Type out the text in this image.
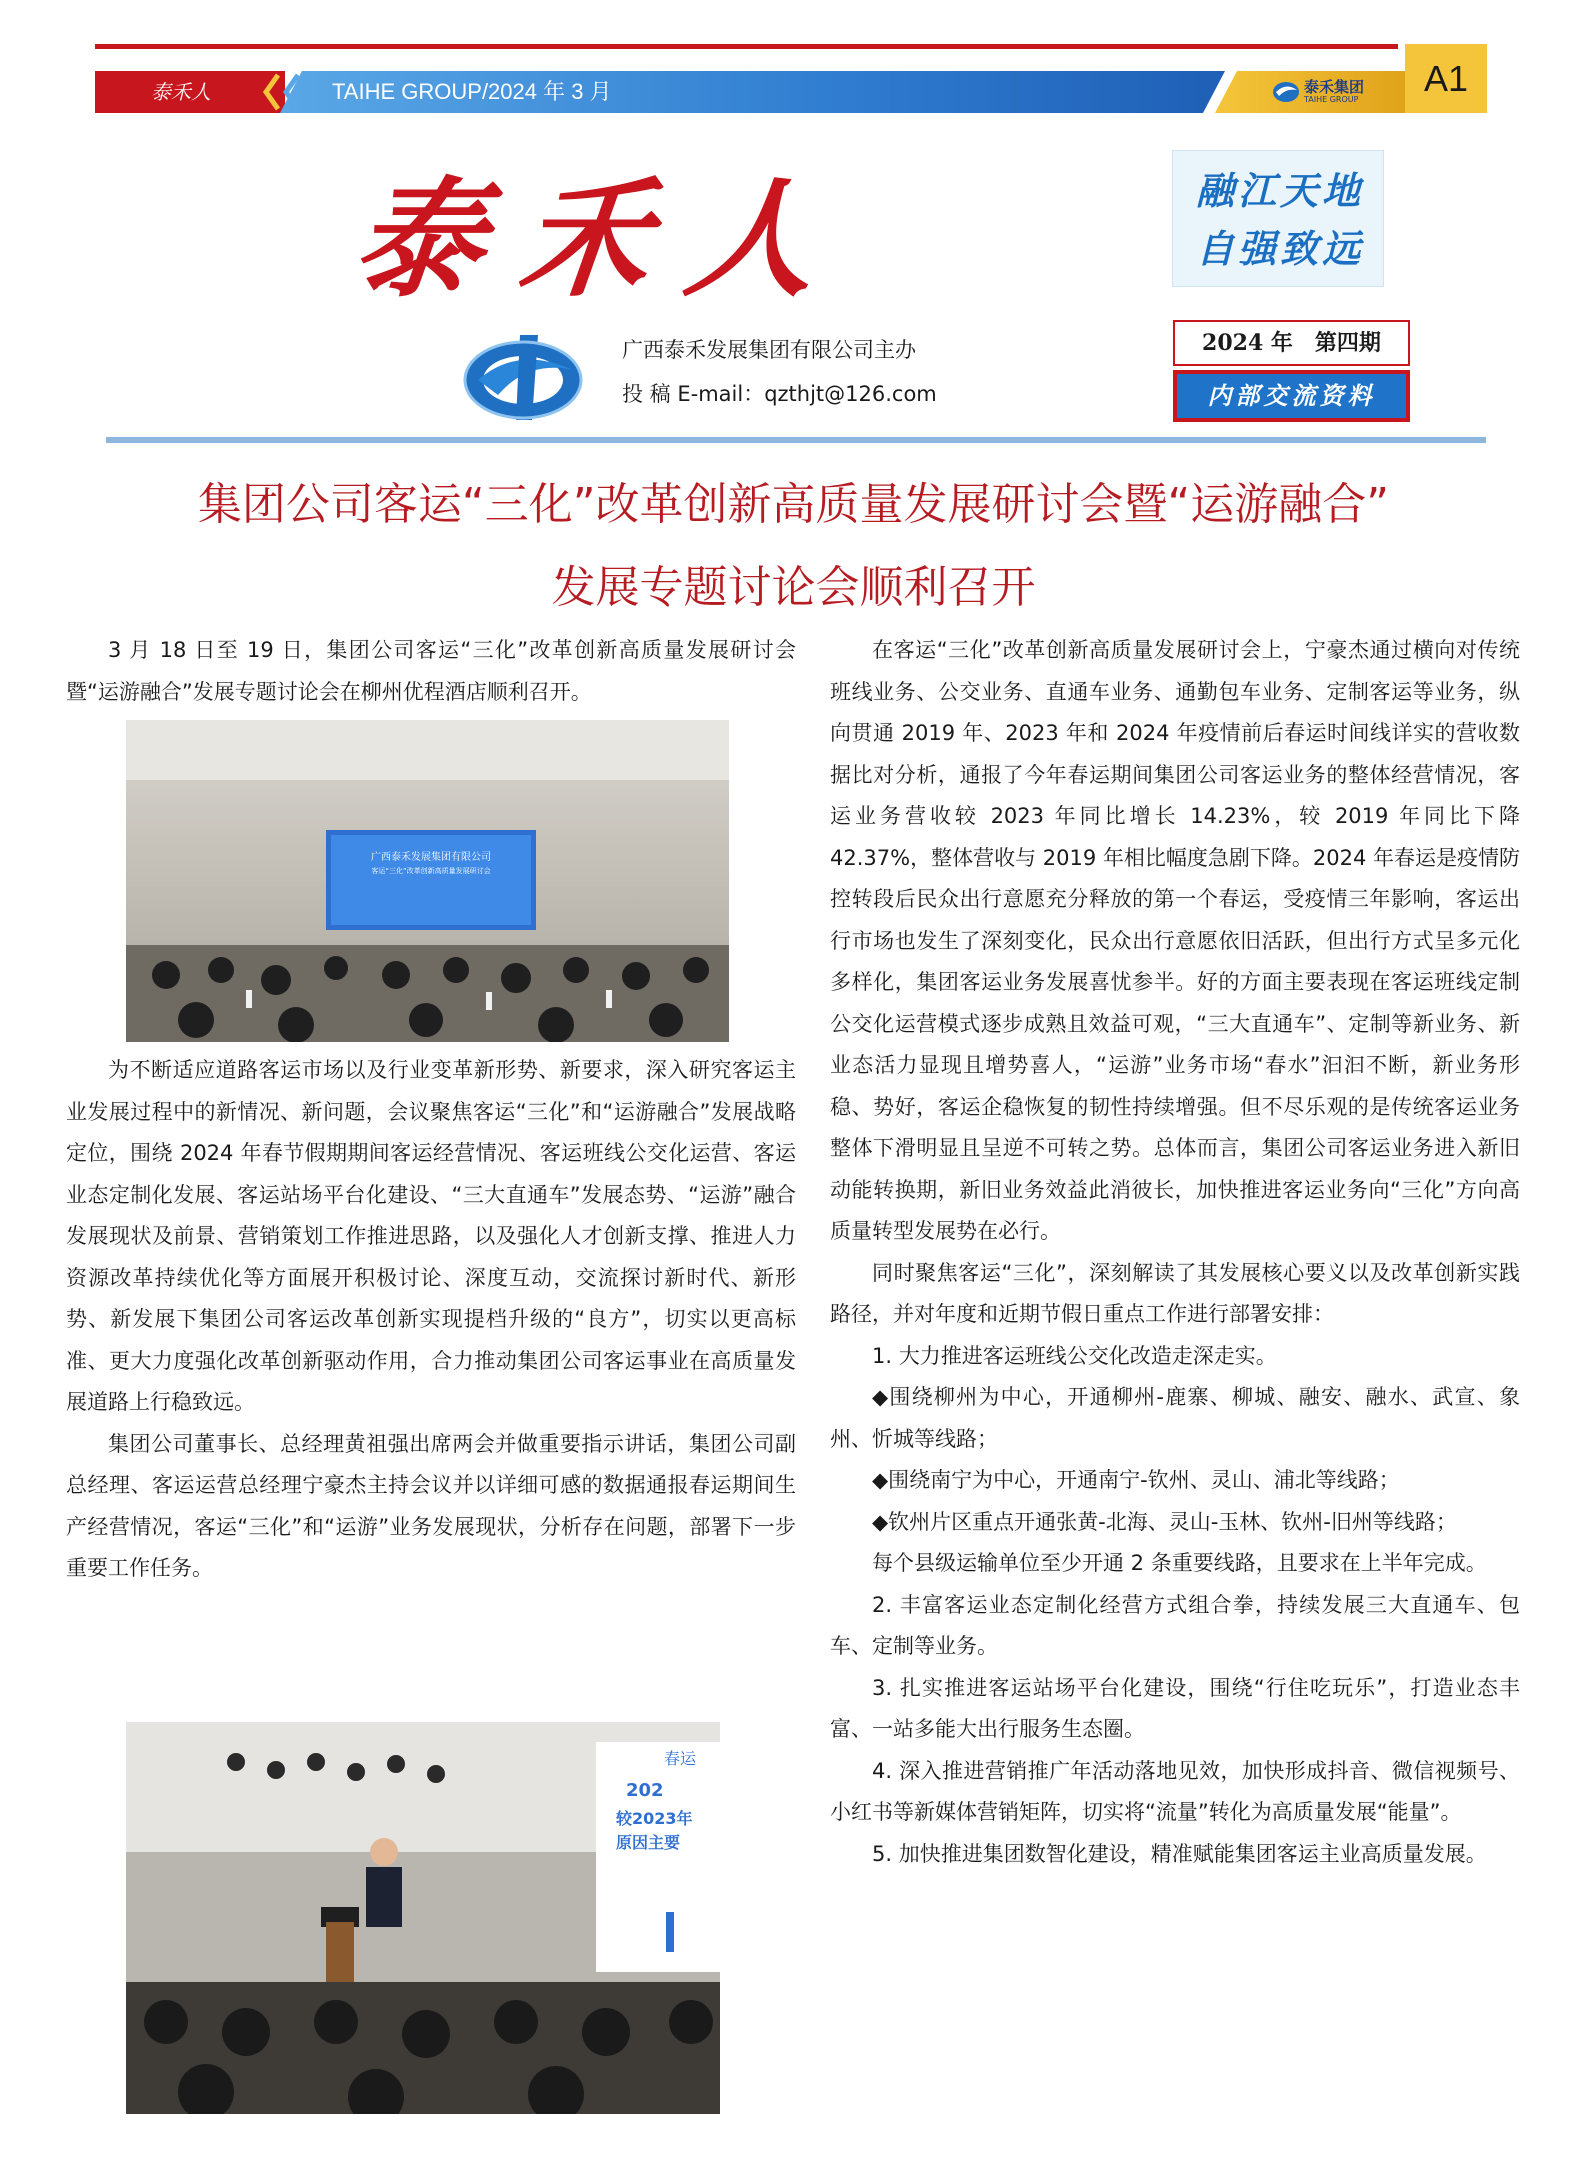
泰禾人	TAIHE GROUP/2024 年 3 月	泰禾集团
TAIHE GROUP
A1
泰禾人	融江天地
自强致远
广西泰禾发展集团有限公司主办
投 稿 E-mail：qzthjt@126.com
2024 年　第四期
内部交流资料
集团公司客运“三化”改革创新高质量发展研讨会暨“运游融合”
发展专题讨论会顺利召开

3 月 18 日至 19 日，集团公司客运“三化”改革创新高质量发展研讨会暨“运游融合”发展专题讨论会在柳州优程酒店顺利召开。

广西泰禾发展集团有限公司
客运“三化”改革创新高质量发展研讨会

为不断适应道路客运市场以及行业变革新形势、新要求，深入研究客运主业发展过程中的新情况、新问题，会议聚焦客运“三化”和“运游融合”发展战略定位，围绕 2024 年春节假期期间客运经营情况、客运班线公交化运营、客运业态定制化发展、客运站场平台化建设、“三大直通车”发展态势、“运游”融合发展现状及前景、营销策划工作推进思路，以及强化人才创新支撑、推进人力资源改革持续优化等方面展开积极讨论、深度互动，交流探讨新时代、新形势、新发展下集团公司客运改革创新实现提档升级的“良方”，切实以更高标准、更大力度强化改革创新驱动作用，合力推动集团公司客运事业在高质量发展道路上行稳致远。

集团公司董事长、总经理黄祖强出席两会并做重要指示讲话，集团公司副总经理、客运运营总经理宁豪杰主持会议并以详细可感的数据通报春运期间生产经营情况，客运“三化”和“运游”业务发展现状，分析存在问题，部署下一步重要工作任务。

春运
202
较2023年
原因主要

在客运“三化”改革创新高质量发展研讨会上，宁豪杰通过横向对传统班线业务、公交业务、直通车业务、通勤包车业务、定制客运等业务，纵向贯通 2019 年、2023 年和 2024 年疫情前后春运时间线详实的营收数据比对分析，通报了今年春运期间集团公司客运业务的整体经营情况，客运业务营收较 2023 年同比增长 14.23%，较 2019 年同比下降 42.37%，整体营收与 2019 年相比幅度急剧下降。2024 年春运是疫情防控转段后民众出行意愿充分释放的第一个春运，受疫情三年影响，客运出行市场也发生了深刻变化，民众出行意愿依旧活跃，但出行方式呈多元化多样化，集团客运业务发展喜忧参半。好的方面主要表现在客运班线定制公交化运营模式逐步成熟且效益可观，“三大直通车”、定制等新业务、新业态活力显现且增势喜人，“运游”业务市场“春水”汩汩不断，新业务形稳、势好，客运企稳恢复的韧性持续增强。但不尽乐观的是传统客运业务整体下滑明显且呈逆不可转之势。总体而言，集团公司客运业务进入新旧动能转换期，新旧业务效益此消彼长，加快推进客运业务向“三化”方向高质量转型发展势在必行。

同时聚焦客运“三化”，深刻解读了其发展核心要义以及改革创新实践路径，并对年度和近期节假日重点工作进行部署安排：

1. 大力推进客运班线公交化改造走深走实。

◆围绕柳州为中心，开通柳州-鹿寨、柳城、融安、融水、武宣、象州、忻城等线路；

◆围绕南宁为中心，开通南宁-钦州、灵山、浦北等线路；

◆钦州片区重点开通张黄-北海、灵山-玉林、钦州-旧州等线路；

每个县级运输单位至少开通 2 条重要线路，且要求在上半年完成。

2. 丰富客运业态定制化经营方式组合拳，持续发展三大直通车、包车、定制等业务。

3. 扎实推进客运站场平台化建设，围绕“行住吃玩乐”，打造业态丰富、一站多能大出行服务生态圈。

4. 深入推进营销推广年活动落地见效，加快形成抖音、微信视频号、小红书等新媒体营销矩阵，切实将“流量”转化为高质量发展“能量”。

5. 加快推进集团数智化建设，精准赋能集团客运主业高质量发展。
